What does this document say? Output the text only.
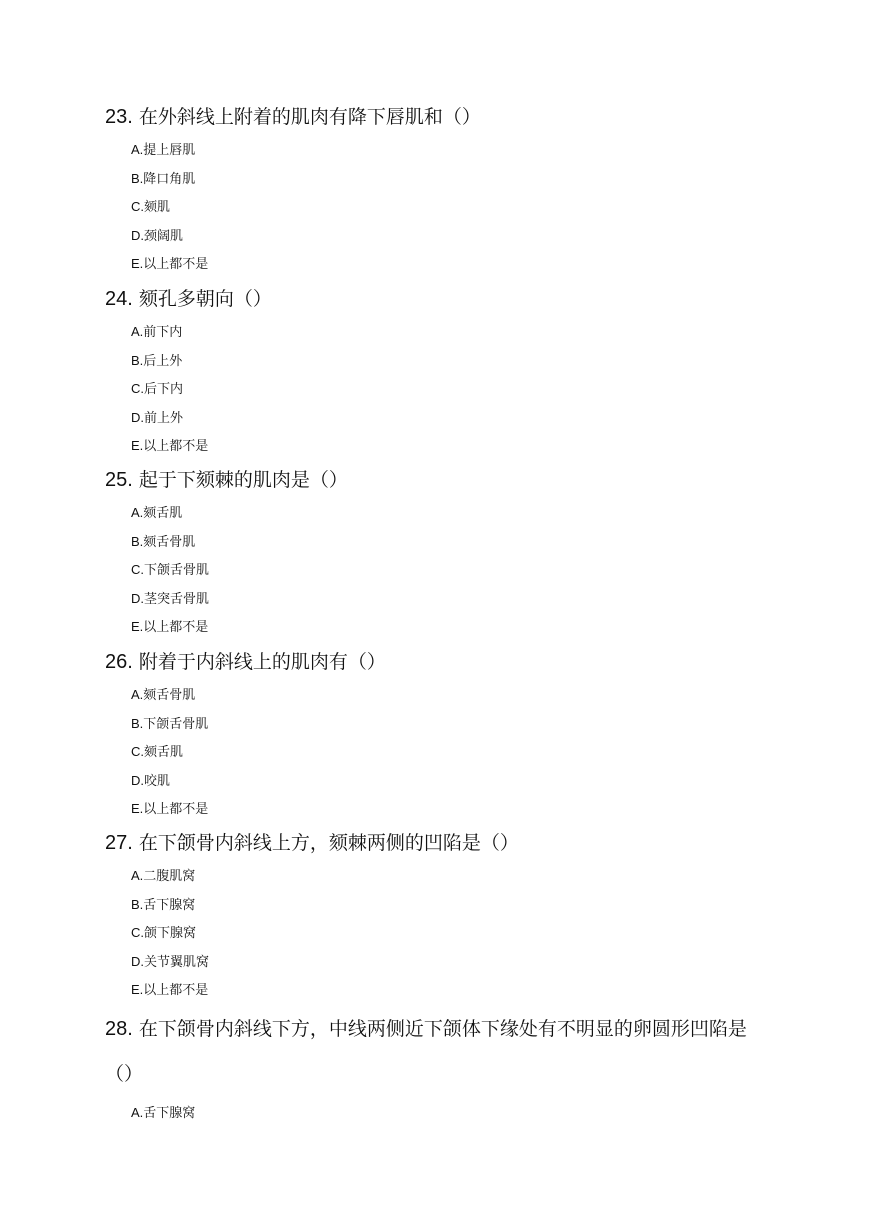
23. 在外斜线上附着的肌肉有降下唇肌和（）

A.提上唇肌
B.降口角肌
C.颏肌
D.颈阔肌
E.以上都不是

24. 颏孔多朝向（）

A.前下内
B.后上外
C.后下内
D.前上外
E.以上都不是

25. 起于下颏棘的肌肉是（）

A.颏舌肌
B.颏舌骨肌
C.下颌舌骨肌
D.茎突舌骨肌
E.以上都不是

26. 附着于内斜线上的肌肉有（）

A.颏舌骨肌
B.下颌舌骨肌
C.颏舌肌
D.咬肌
E.以上都不是

27. 在下颌骨内斜线上方，颏棘两侧的凹陷是（）

A.二腹肌窝
B.舌下腺窝
C.颌下腺窝
D.关节翼肌窝
E.以上都不是

28. 在下颌骨内斜线下方，中线两侧近下颌体下缘处有不明显的卵圆形凹陷是（）

A.舌下腺窝
